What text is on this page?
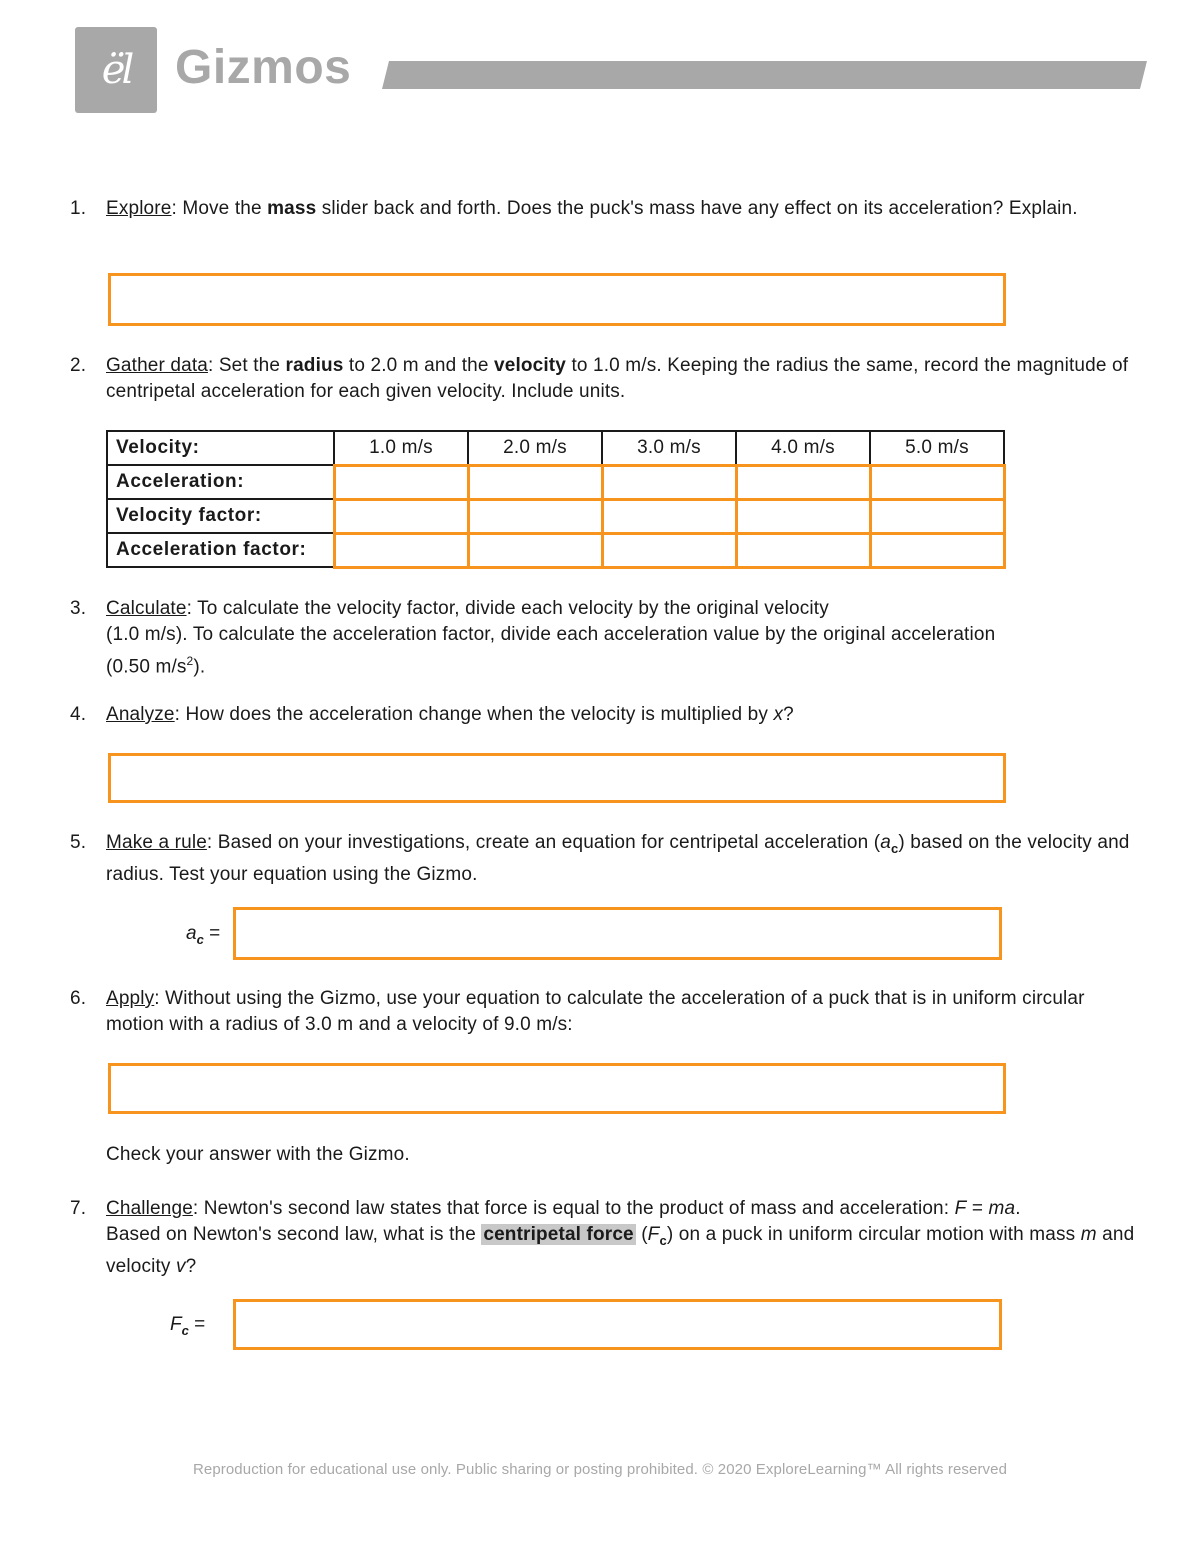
ël Gizmos
1. Explore: Move the mass slider back and forth. Does the puck's mass have any effect on its acceleration? Explain.
2. Gather data: Set the radius to 2.0 m and the velocity to 1.0 m/s. Keeping the radius the same, record the magnitude of centripetal acceleration for each given velocity. Include units.
Velocity:	1.0 m/s	2.0 m/s	3.0 m/s	4.0 m/s	5.0 m/s
Acceleration:					
Velocity factor:					
Acceleration factor:					
3. Calculate: To calculate the velocity factor, divide each velocity by the original velocity
(1.0 m/s). To calculate the acceleration factor, divide each acceleration value by the original acceleration
(0.50 $m/s^2$).
4. Analyze: How does the acceleration change when the velocity is multiplied by x?
5. Make a rule: Based on your investigations, create an equation for centripetal acceleration $(a_c)$ based on the velocity and radius. Test your equation using the Gizmo.
$a_c$ =
6. Apply: Without using the Gizmo, use your equation to calculate the acceleration of a puck that is in uniform circular motion with a radius of 3.0 m and a velocity of 9.0 m/s:
Check your answer with the Gizmo.
7. Challenge: Newton's second law states that force is equal to the product of mass and acceleration: F = ma.
Based on Newton's second law, what is the centripetal force $(F_c)$ on a puck in uniform circular motion with mass m and velocity v?
$F_c$ =
Reproduction for educational use only. Public sharing or posting prohibited. © 2020 ExploreLearning™ All rights reserved
